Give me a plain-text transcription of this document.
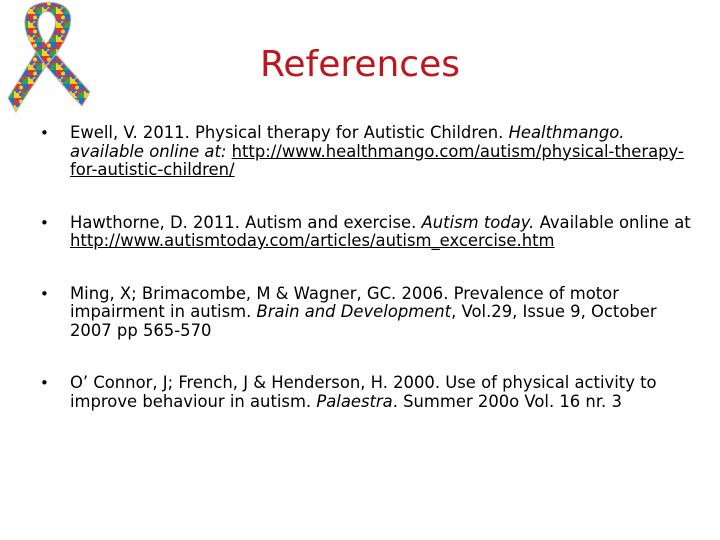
References
• Ewell, V. 2011. Physical therapy for Autistic Children. Healthmango. available online at: http://www.healthmango.com/autism/physical-therapy-for-autistic-children/
• Hawthorne, D. 2011. Autism and exercise. Autism today. Available online at http://www.autismtoday.com/articles/autism_excercise.htm
• Ming, X; Brimacombe, M & Wagner, GC. 2006. Prevalence of motor impairment in autism. Brain and Development, Vol.29, Issue 9, October 2007 pp 565-570
• O’ Connor, J; French, J & Henderson, H. 2000. Use of physical activity to improve behaviour in autism. Palaestra. Summer 200o Vol. 16 nr. 3
